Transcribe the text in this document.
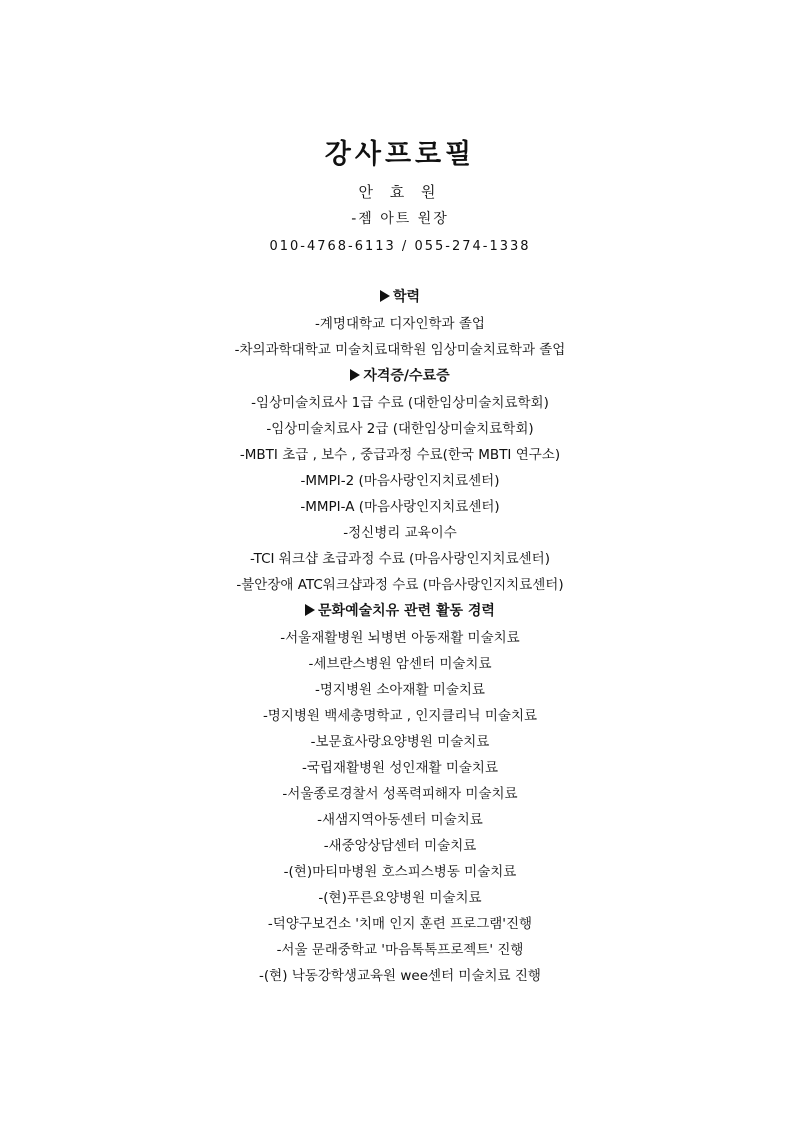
강사프로필
안 효 원
-젬 아트 원장
010-4768-6113 / 055-274-1338
학력
-계명대학교 디자인학과 졸업
-차의과학대학교 미술치료대학원 임상미술치료학과 졸업
자격증/수료증
-임상미술치료사 1급 수료 (대한임상미술치료학회)
-임상미술치료사 2급 (대한임상미술치료학회)
-MBTI 초급 , 보수 , 중급과정 수료(한국 MBTI 연구소)
-MMPI-2 (마음사랑인지치료센터)
-MMPI-A (마음사랑인지치료센터)
-정신병리 교육이수
-TCI 워크샵 초급과정 수료 (마음사랑인지치료센터)
-불안장애 ATC워크샵과정 수료 (마음사랑인지치료센터)
문화예술치유 관련 활동 경력
-서울재활병원 뇌병변 아동재활 미술치료
-세브란스병원 암센터 미술치료
-명지병원 소아재활 미술치료
-명지병원 백세총명학교 , 인지클리닉 미술치료
-보문효사랑요양병원 미술치료
-국립재활병원 성인재활 미술치료
-서울종로경찰서 성폭력피해자 미술치료
-새샘지역아동센터 미술치료
-새중앙상담센터 미술치료
-(현)마티마병원 호스피스병동 미술치료
-(현)푸른요양병원 미술치료
-덕양구보건소 '치매 인지 훈련 프로그램'진행
-서울 문래중학교 '마음톡톡프로젝트' 진행
-(현) 낙동강학생교육원 wee센터 미술치료 진행
